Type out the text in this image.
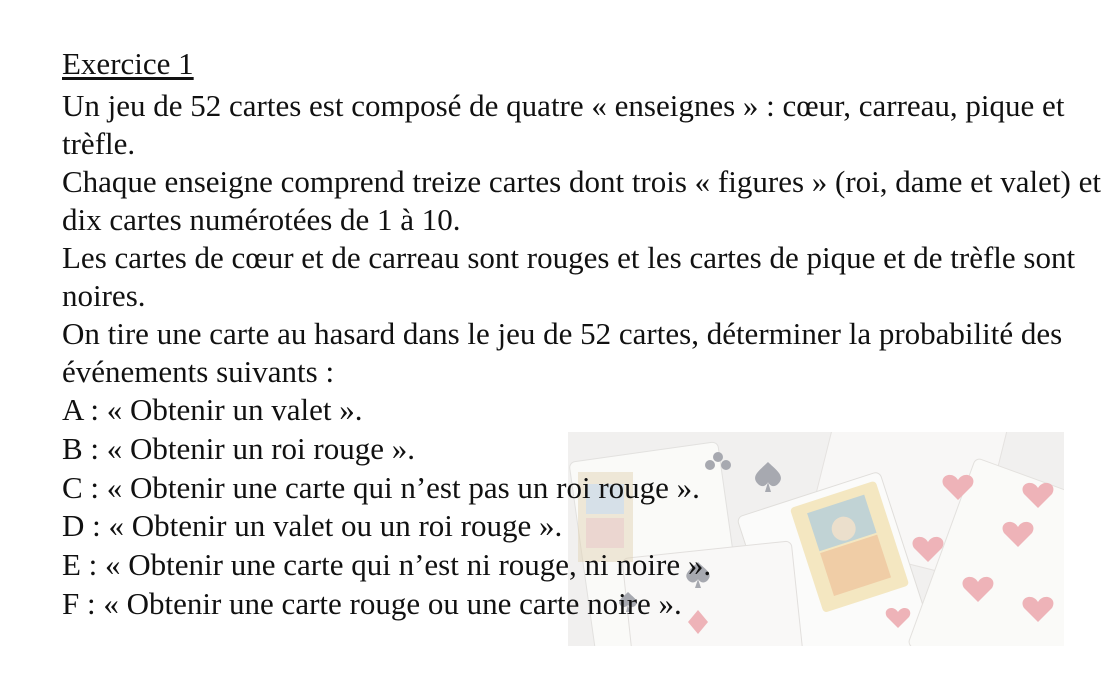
Exercice 1

Un jeu de 52 cartes est composé de quatre « enseignes » : cœur, carreau, pique et trèfle.

Chaque enseigne comprend treize cartes dont trois « figures » (roi, dame et valet) et dix cartes numérotées de 1 à 10.

Les cartes de cœur et de carreau sont rouges et les cartes de pique et de trèfle sont noires.

On tire une carte au hasard dans le jeu de 52 cartes, déterminer la probabilité des événements suivants :

A : « Obtenir un valet ».
B : « Obtenir un roi rouge ».
C : « Obtenir une carte qui n’est pas un roi rouge ».
D : « Obtenir un valet ou un roi rouge ».
E : « Obtenir une carte qui n’est ni rouge, ni noire ».
F : « Obtenir une carte rouge ou une carte noire ».
